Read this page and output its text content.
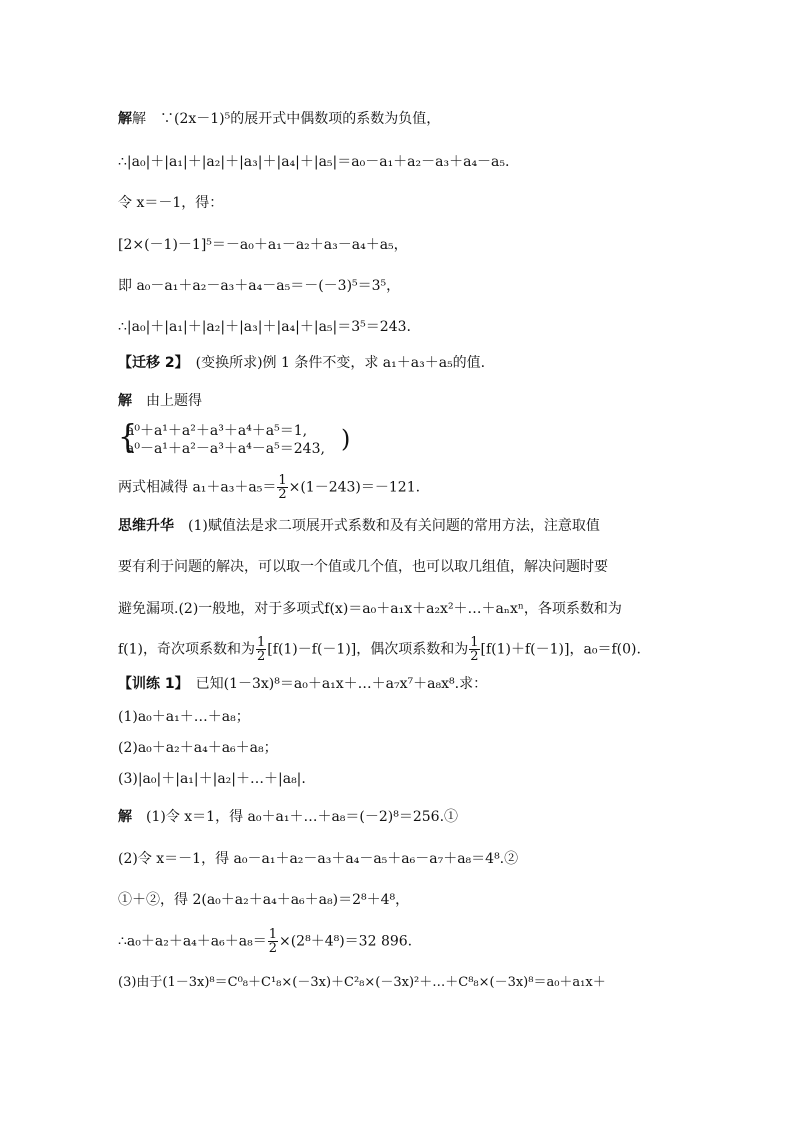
解解　∵(2x－1)⁵的展开式中偶数项的系数为负值，
∴|a₀|＋|a₁|＋|a₂|＋|a₃|＋|a₄|＋|a₅|＝a₀－a₁＋a₂－a₃＋a₄－a₅.
令 x＝－1，得：
[2×(－1)－1]⁵＝－a₀＋a₁－a₂＋a₃－a₄＋a₅，
即 a₀－a₁＋a₂－a₃＋a₄－a₅＝－(－3)⁵＝3⁵，
∴|a₀|＋|a₁|＋|a₂|＋|a₃|＋|a₄|＋|a₅|＝3⁵＝243.
【迁移 2】　(变换所求)例 1 条件不变，求 a₁＋a₃＋a₅的值.
解　由上题得
{
a⁰＋a¹＋a²＋a³＋a⁴＋a⁵＝1,
a⁰－a¹＋a²－a³＋a⁴－a⁵＝243, )
两式相减得 $a_1+a_3+a_5= \frac{1}{2} \times(1-243)=-121$.
思维升华　(1)赋值法是求二项展开式系数和及有关问题的常用方法，注意取值
要有利于问题的解决，可以取一个值或几个值，也可以取几组值，解决问题时要
避免漏项.(2)一般地，对于多项式f(x)＝a₀＋a₁x＋a₂x²＋…＋aₙxⁿ，各项系数和为
f(1)，奇次项系数和为 $\frac{1}{2} [f(1)-f(-1)]$，偶次项系数和为 $\frac{1}{2} [f(1)+f(-1)]$，a₀＝f(0).
【训练 1】　已知(1－3x)⁸＝a₀＋a₁x＋…＋a₇x⁷＋a₈x⁸.求：
(1)a₀＋a₁＋…＋a₈；
(2)a₀＋a₂＋a₄＋a₆＋a₈；
(3)|a₀|＋|a₁|＋|a₂|＋…＋|a₈|.
解　(1)令 x＝1，得 a₀＋a₁＋…＋a₈＝(－2)⁸＝256.①
(2)令 x＝－1，得 a₀－a₁＋a₂－a₃＋a₄－a₅＋a₆－a₇＋a₈＝4⁸.②
①＋②，得 2(a₀＋a₂＋a₄＋a₆＋a₈)＝2⁸＋4⁸，
∴a₀＋a₂＋a₄＋a₆＋a₈＝ $\frac{1}{2} \times(2^8+4^8)=32$ 896.
(3)由于(1－3x)⁸＝C⁰₈＋C¹₈×(－3x)＋C²₈×(－3x)²＋…＋C⁸₈×(－3x)⁸＝a₀＋a₁x＋
